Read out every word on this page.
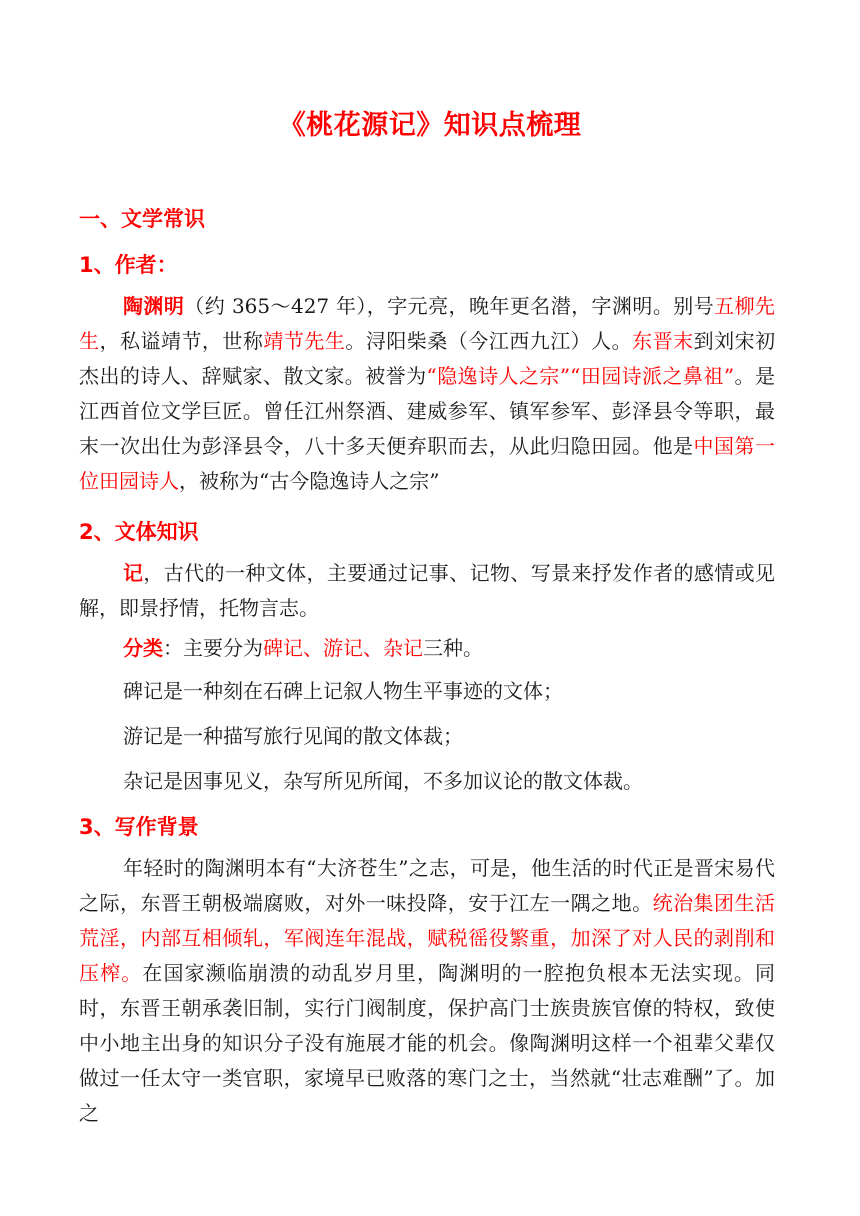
《桃花源记》知识点梳理
一、文学常识
1、作者：
陶渊明（约 365～427 年），字元亮，晚年更名潜，字渊明。别号五柳先生，私谥靖节，世称靖节先生。浔阳柴桑（今江西九江）人。东晋末到刘宋初杰出的诗人、辞赋家、散文家。被誉为“隐逸诗人之宗”“田园诗派之鼻祖”。是江西首位文学巨匠。曾任江州祭酒、建威参军、镇军参军、彭泽县令等职，最末一次出仕为彭泽县令，八十多天便弃职而去，从此归隐田园。他是中国第一位田园诗人，被称为“古今隐逸诗人之宗”
2、文体知识
记，古代的一种文体，主要通过记事、记物、写景来抒发作者的感情或见解，即景抒情，托物言志。
分类：主要分为碑记、游记、杂记三种。
碑记是一种刻在石碑上记叙人物生平事迹的文体；
游记是一种描写旅行见闻的散文体裁；
杂记是因事见义，杂写所见所闻，不多加议论的散文体裁。
3、写作背景
年轻时的陶渊明本有“大济苍生”之志，可是，他生活的时代正是晋宋易代之际，东晋王朝极端腐败，对外一味投降，安于江左一隅之地。统治集团生活荒淫，内部互相倾轧，军阀连年混战，赋税徭役繁重，加深了对人民的剥削和压榨。在国家濒临崩溃的动乱岁月里，陶渊明的一腔抱负根本无法实现。同时，东晋王朝承袭旧制，实行门阀制度，保护高门士族贵族官僚的特权，致使中小地主出身的知识分子没有施展才能的机会。像陶渊明这样一个祖辈父辈仅做过一任太守一类官职，家境早已败落的寒门之士，当然就“壮志难酬”了。加之
